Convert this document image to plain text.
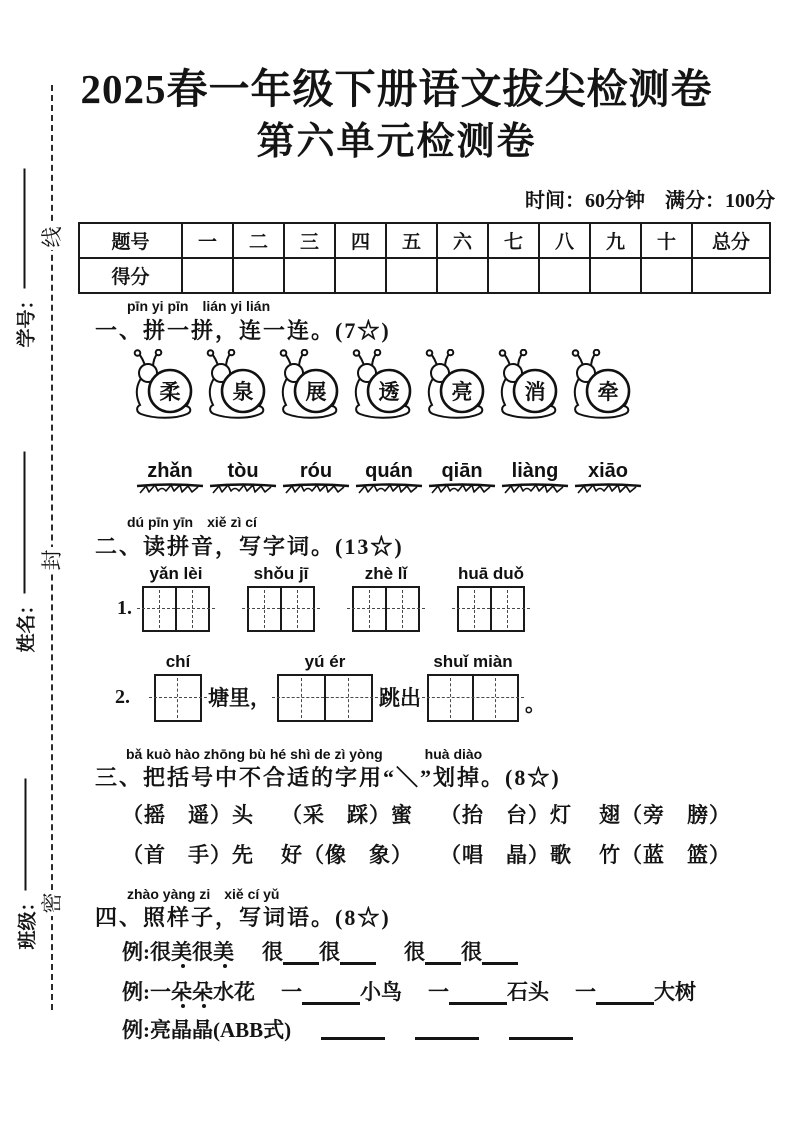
线
封
密
学号：
姓名：
班级：
2025春一年级下册语文拔尖检测卷
第六单元检测卷
时间：60分钟　满分：100分
题号	一	二	三	四	五	六	七	八	九	十	总分
得分											
pīn yi pīn　lián yi lián
一、拼一拼，连一连。(7☆)
柔 泉 展 透 亮 消 牵
zhǎn tòu róu quán qiān liàng xiāo
dú pīn yīn　xiě zì cí
二、读拼音，写字词。(13☆)
1.
yǎn lèi	shǒu jī	zhè lǐ	huā duǒ
2.
chí
塘里，
yú ér
跳出
shuǐ miàn
。
bǎ kuò hào zhōng bù hé shì de zì yòng　　　huà diào
三、把括号中不合适的字用“＼”划掉。(8☆)
（摇　遥）头 （采　踩）蜜 （抬　台）灯 翅（旁　膀）
（首　手）先 好（像　象） （唱　晶）歌 竹（蓝　篮）
zhào yàng zi　xiě cí yǔ
四、照样子，写词语。(8☆)
例:很美很美 很 很	很 很
例:一朵朵水花 一	小鸟 一	石头 一	大树
例:亮晶晶(ABB式)
